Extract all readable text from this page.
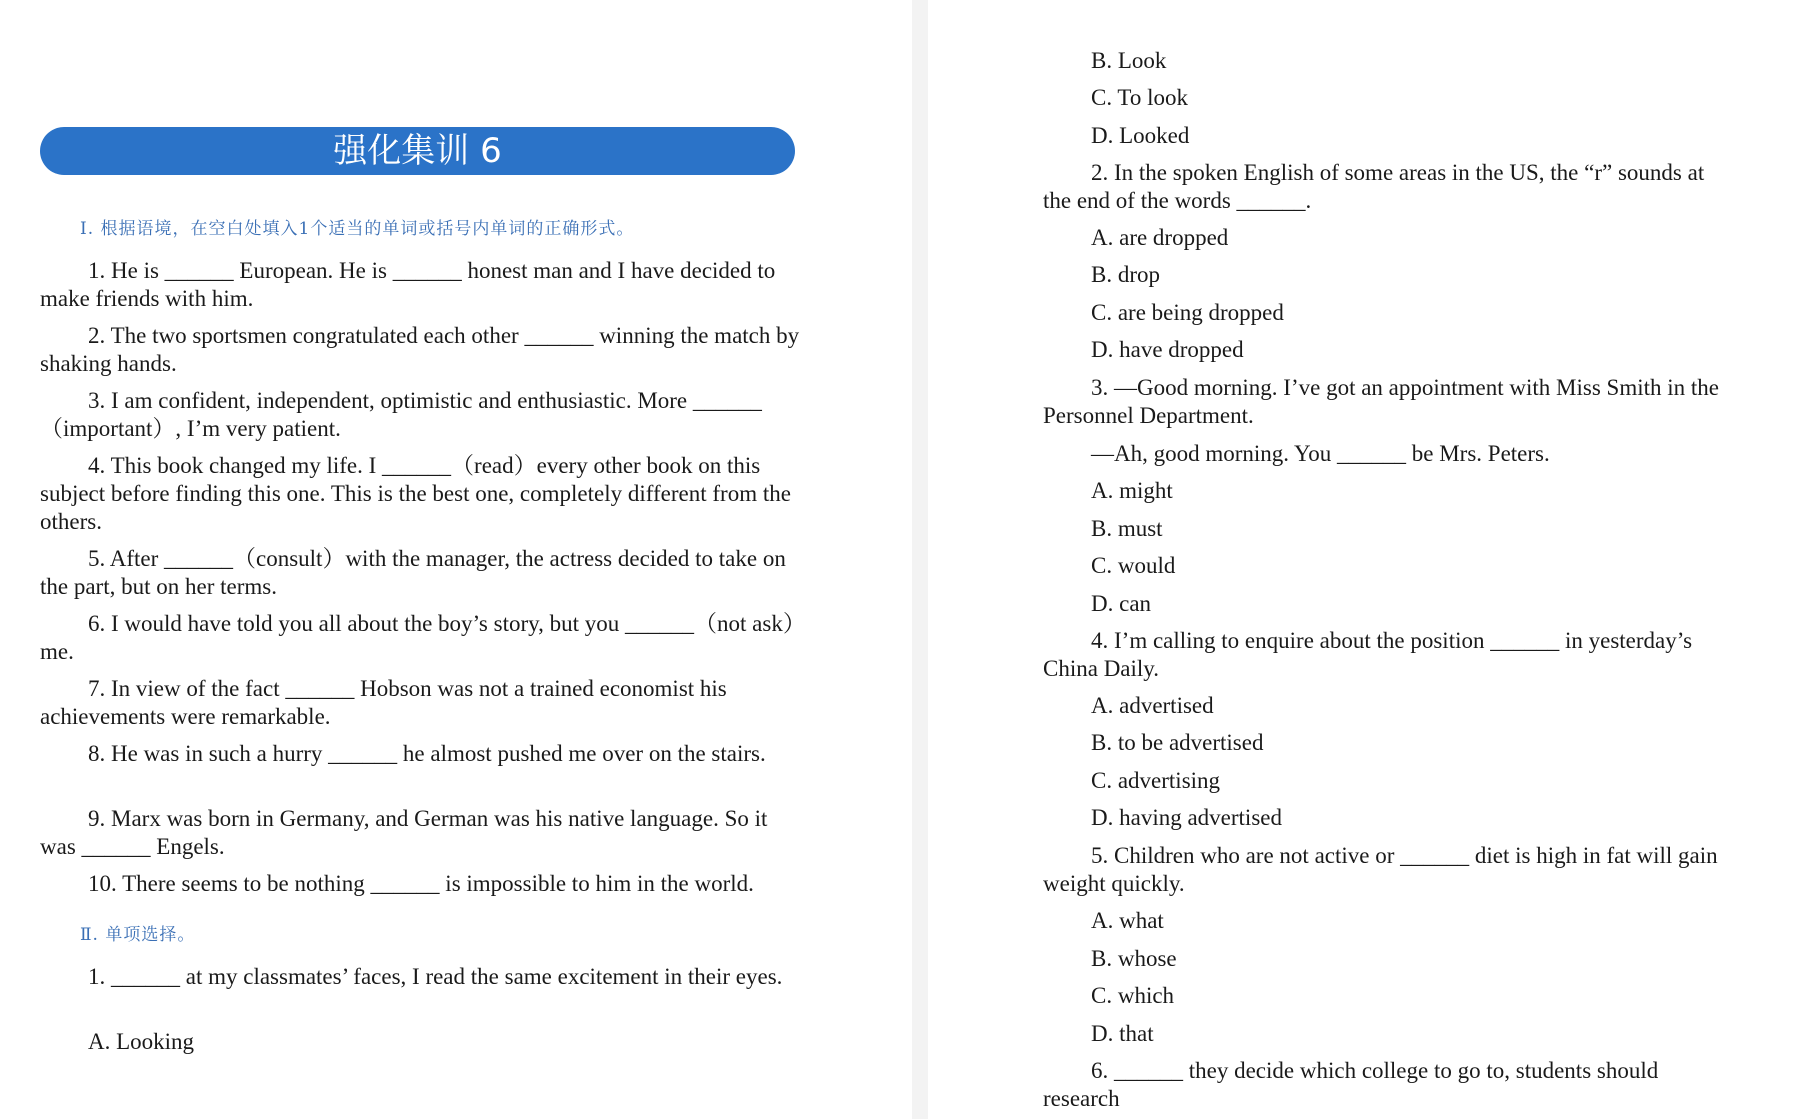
强化集训 6
Ⅰ. 根据语境，在空白处填入1个适当的单词或括号内单词的正确形式。

1. He is ______ European. He is ______ honest man and I have decided to make friends with him.

2. The two sportsmen congratulated each other ______ winning the match by shaking hands.

3. I am confident, independent, optimistic and enthusiastic. More ______（important）, I’m very patient.

4. This book changed my life. I ______（read）every other book on this subject before finding this one. This is the best one, completely different from the others.

5. After ______（consult）with the manager, the actress decided to take on the part, but on her terms.

6. I would have told you all about the boy’s story, but you ______（not ask）me.

7. In view of the fact ______ Hobson was not a trained economist his achievements were remarkable.

8. He was in such a hurry ______ he almost pushed me over on the stairs.

9. Marx was born in Germany, and German was his native language. So it was ______ Engels.

10. There seems to be nothing ______ is impossible to him in the world.

Ⅱ. 单项选择。

1. ______ at my classmates’ faces, I read the same excitement in their eyes.

A. Looking
B. Look
C. To look
D. Looked

2. In the spoken English of some areas in the US, the “r” sounds at the end of the words ______.

A. are dropped
B. drop
C. are being dropped
D. have dropped

3. —Good morning. I’ve got an appointment with Miss Smith in the Personnel Department.

—Ah, good morning. You ______ be Mrs. Peters.

A. might
B. must
C. would
D. can

4. I’m calling to enquire about the position ______ in yesterday’s China Daily.

A. advertised
B. to be advertised
C. advertising
D. having advertised

5. Children who are not active or ______ diet is high in fat will gain weight quickly.

A. what
B. whose
C. which
D. that

6. ______ they decide which college to go to, students should research
